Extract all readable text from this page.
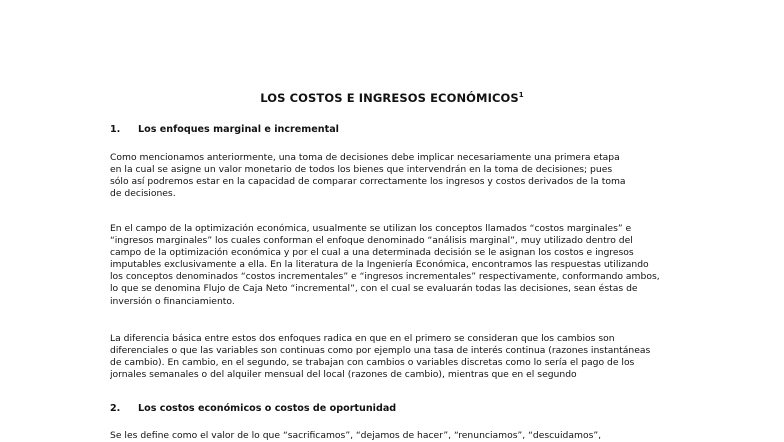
LOS COSTOS E INGRESOS ECONÓMICOS$^1$
1. Los enfoques marginal e incremental
Como mencionamos anteriormente, una toma de decisiones debe implicar necesariamente una primera etapa
en la cual se asigne un valor monetario de todos los bienes que intervendrán en la toma de decisiones; pues
sólo así podremos estar en la capacidad de comparar correctamente los ingresos y costos derivados de la toma
de decisiones.
En el campo de la optimización económica, usualmente se utilizan los conceptos llamados “costos marginales” e
“ingresos marginales” los cuales conforman el enfoque denominado “análisis marginal”, muy utilizado dentro del
campo de la optimización económica y por el cual a una determinada decisión se le asignan los costos e ingresos
imputables exclusivamente a ella. En la literatura de la Ingeniería Económica, encontramos las respuestas utilizando
los conceptos denominados “costos incrementales” e “ingresos incrementales” respectivamente, conformando ambos,
lo que se denomina Flujo de Caja Neto “incremental”, con el cual se evaluarán todas las decisiones, sean éstas de
inversión o financiamiento.
La diferencia básica entre estos dos enfoques radica en que en el primero se consideran que los cambios son
diferenciales o que las variables son continuas como por ejemplo una tasa de interés continua (razones instantáneas
de cambio). En cambio, en el segundo, se trabajan con cambios o variables discretas como lo sería el pago de los
jornales semanales o del alquiler mensual del local (razones de cambio), mientras que en el segundo
2. Los costos económicos o costos de oportunidad
Se les define como el valor de lo que “sacrificamos”, “dejamos de hacer”, “renunciamos”, “descuidamos”,
